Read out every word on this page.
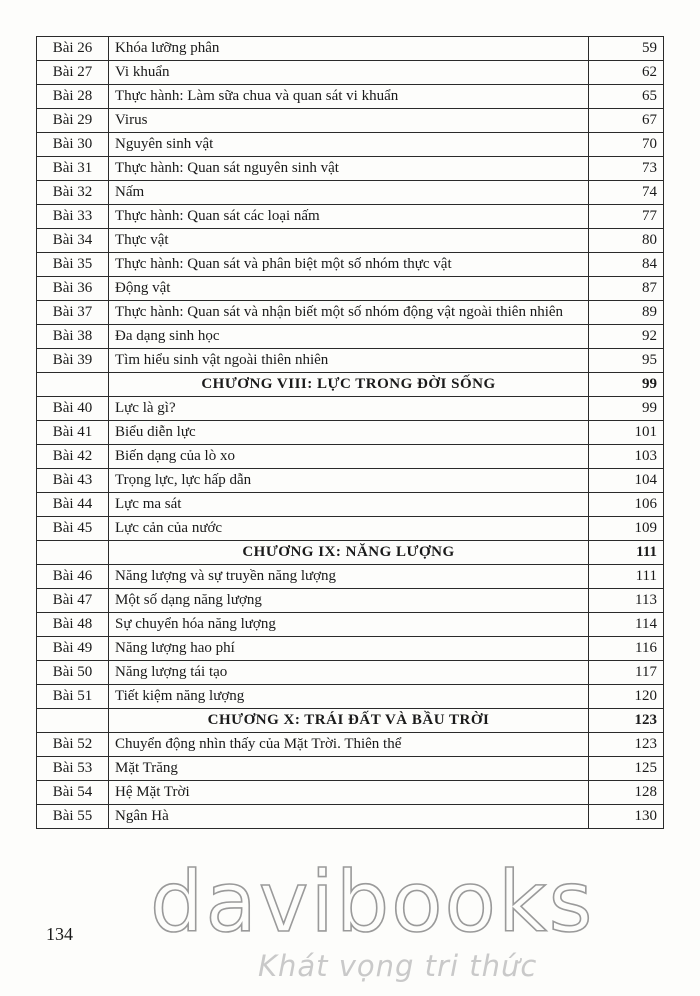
Bài 26	Khóa lưỡng phân	59
Bài 27	Vi khuẩn	62
Bài 28	Thực hành: Làm sữa chua và quan sát vi khuẩn	65
Bài 29	Virus	67
Bài 30	Nguyên sinh vật	70
Bài 31	Thực hành: Quan sát nguyên sinh vật	73
Bài 32	Nấm	74
Bài 33	Thực hành: Quan sát các loại nấm	77
Bài 34	Thực vật	80
Bài 35	Thực hành: Quan sát và phân biệt một số nhóm thực vật	84
Bài 36	Động vật	87
Bài 37	Thực hành: Quan sát và nhận biết một số nhóm động vật ngoài thiên nhiên	89
Bài 38	Đa dạng sinh học	92
Bài 39	Tìm hiểu sinh vật ngoài thiên nhiên	95
	CHƯƠNG VIII: LỰC TRONG ĐỜI SỐNG	99
Bài 40	Lực là gì?	99
Bài 41	Biểu diễn lực	101
Bài 42	Biến dạng của lò xo	103
Bài 43	Trọng lực, lực hấp dẫn	104
Bài 44	Lực ma sát	106
Bài 45	Lực cản của nước	109
	CHƯƠNG IX: NĂNG LƯỢNG	111
Bài 46	Năng lượng và sự truyền năng lượng	111
Bài 47	Một số dạng năng lượng	113
Bài 48	Sự chuyển hóa năng lượng	114
Bài 49	Năng lượng hao phí	116
Bài 50	Năng lượng tái tạo	117
Bài 51	Tiết kiệm năng lượng	120
	CHƯƠNG X: TRÁI ĐẤT VÀ BẦU TRỜI	123
Bài 52	Chuyển động nhìn thấy của Mặt Trời. Thiên thể	123
Bài 53	Mặt Trăng	125
Bài 54	Hệ Mặt Trời	128
Bài 55	Ngân Hà	130
134 davibooks
Khát vọng tri thức
